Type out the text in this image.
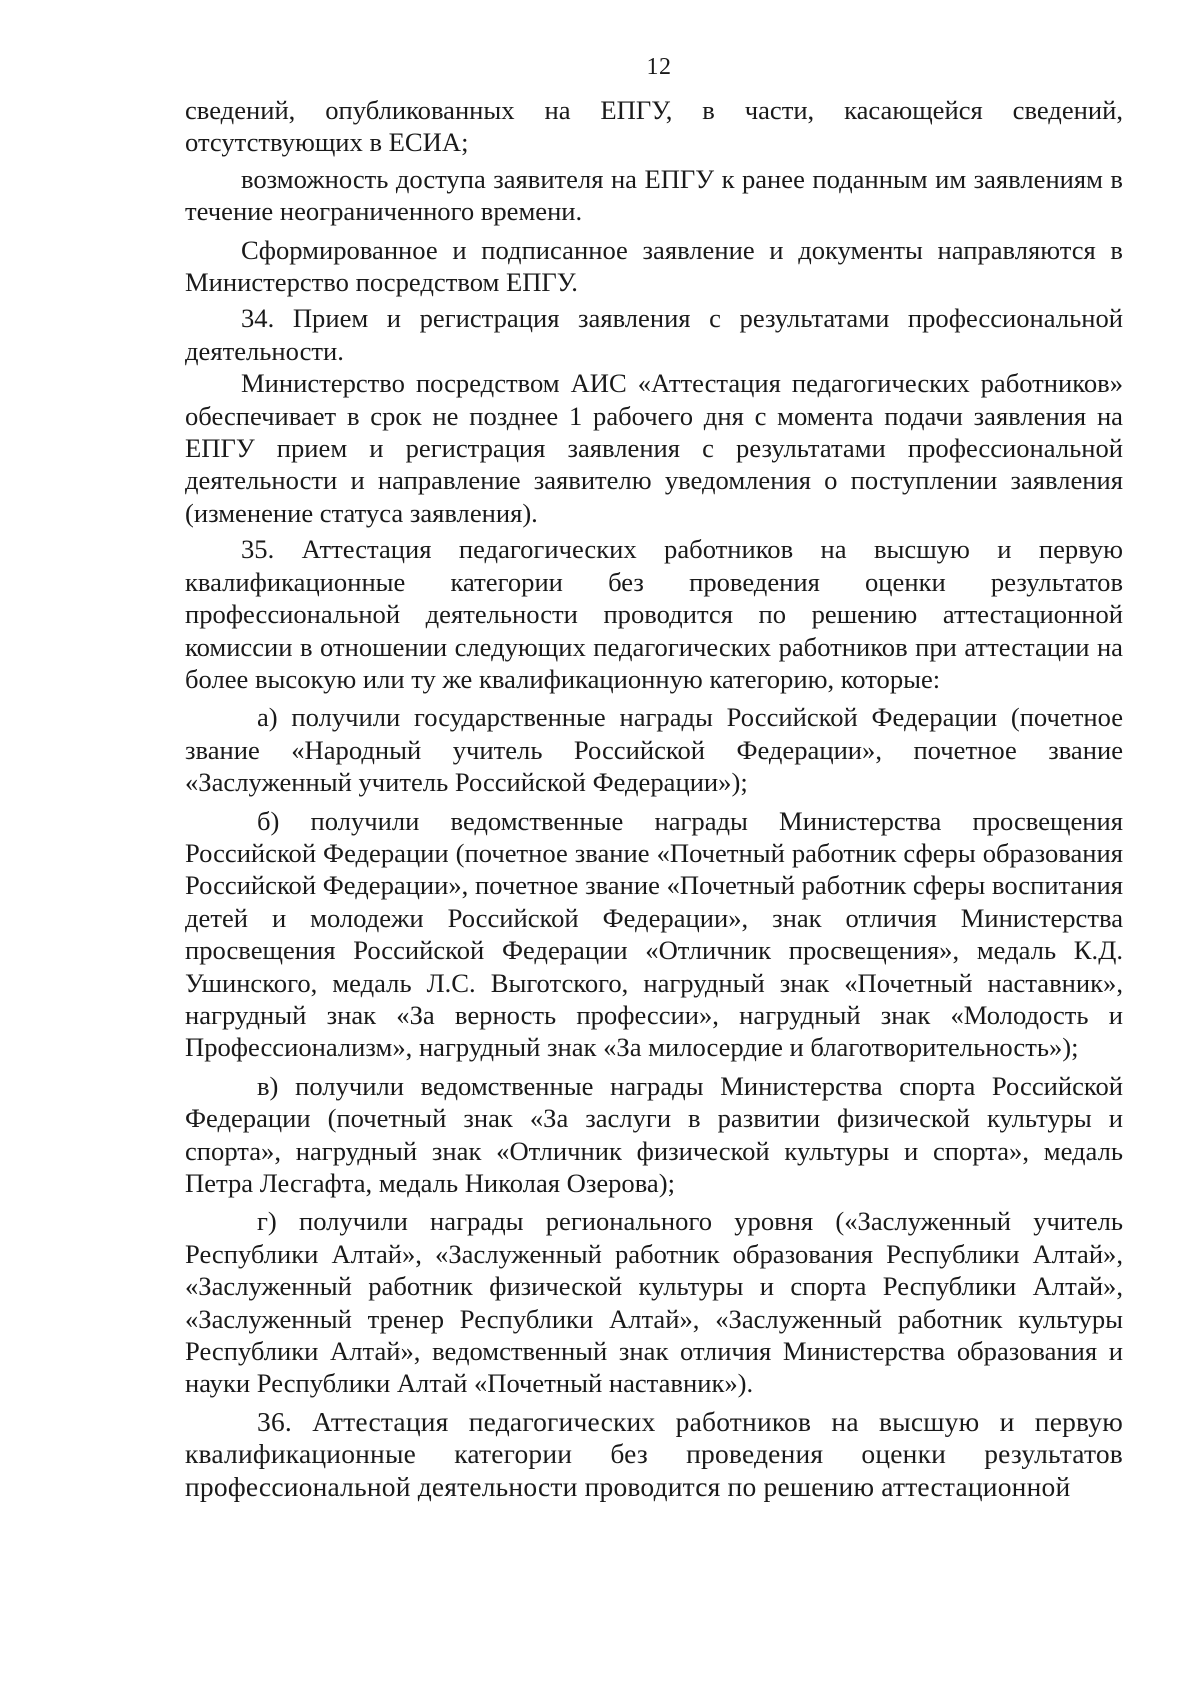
12

сведений, опубликованных на ЕПГУ, в части, касающейся сведений, отсутствующих в ЕСИА;

возможность доступа заявителя на ЕПГУ к ранее поданным им заявлениям в течение неограниченного времени.

Сформированное и подписанное заявление и документы направляются в Министерство посредством ЕПГУ.

34. Прием и регистрация заявления с результатами профессиональной деятельности.

Министерство посредством АИС «Аттестация педагогических работников» обеспечивает в срок не позднее 1 рабочего дня с момента подачи заявления на ЕПГУ прием и регистрация заявления с результатами профессиональной деятельности и направление заявителю уведомления о поступлении заявления (изменение статуса заявления).

35. Аттестация педагогических работников на высшую и первую квалификационные категории без проведения оценки результатов профессиональной деятельности проводится по решению аттестационной комиссии в отношении следующих педагогических работников при аттестации на более высокую или ту же квалификационную категорию, которые:

а) получили государственные награды Российской Федерации (почетное звание «Народный учитель Российской Федерации», почетное звание «Заслуженный учитель Российской Федерации»);

б) получили ведомственные награды Министерства просвещения Российской Федерации (почетное звание «Почетный работник сферы образования Российской Федерации», почетное звание «Почетный работник сферы воспитания детей и молодежи Российской Федерации», знак отличия Министерства просвещения Российской Федерации «Отличник просвещения», медаль К.Д. Ушинского, медаль Л.С. Выготского, нагрудный знак «Почетный наставник», нагрудный знак «За верность профессии», нагрудный знак «Молодость и Профессионализм», нагрудный знак «За милосердие и благотворительность»);

в) получили ведомственные награды Министерства спорта Российской Федерации (почетный знак «За заслуги в развитии физической культуры и спорта», нагрудный знак «Отличник физической культуры и спорта», медаль Петра Лесгафта, медаль Николая Озерова);

г) получили награды регионального уровня («Заслуженный учитель Республики Алтай», «Заслуженный работник образования Республики Алтай», «Заслуженный работник физической культуры и спорта Республики Алтай», «Заслуженный тренер Республики Алтай», «Заслуженный работник культуры Республики Алтай», ведомственный знак отличия Министерства образования и науки Республики Алтай «Почетный наставник»).

36. Аттестация педагогических работников на высшую и первую квалификационные категории без проведения оценки результатов профессиональной деятельности проводится по решению аттестационной
